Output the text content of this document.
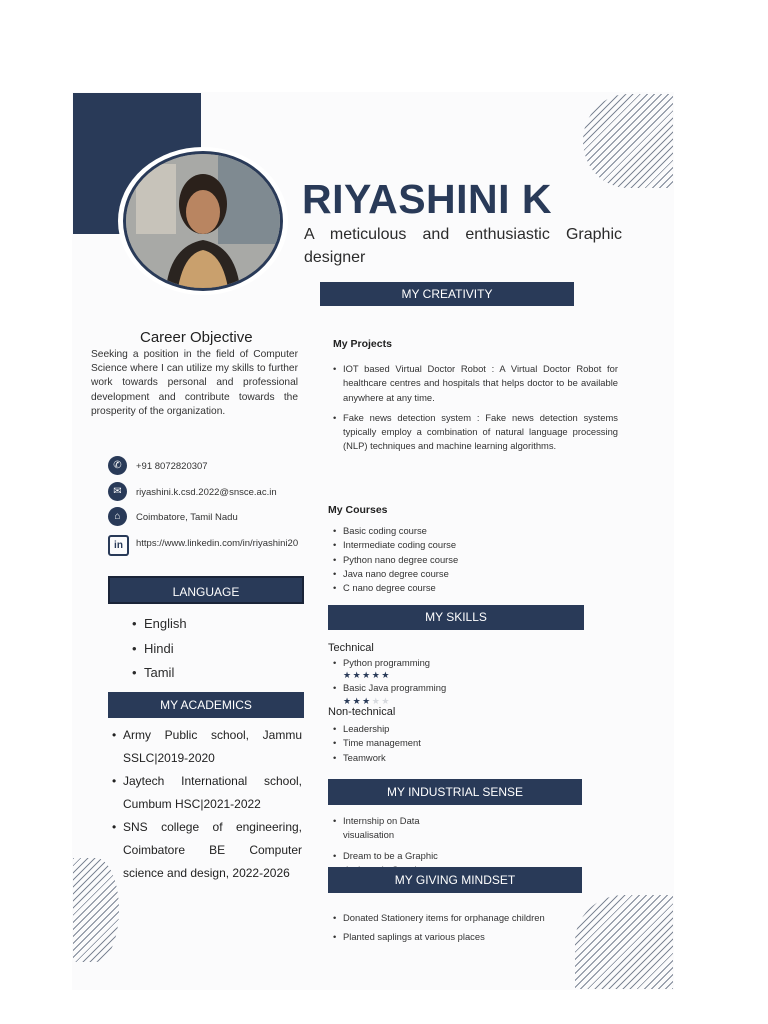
RIYASHINI K
A meticulous and enthusiastic Graphic designer
Career Objective
Seeking a position in the field of Computer Science where I can utilize my skills to further work towards personal and professional development and contribute towards the prosperity of the organization.
✆	+91 8072820307
✉	riyashini.k.csd.2022@snsce.ac.in
⌂	Coimbatore, Tamil Nadu
in	https://www.linkedin.com/in/riyashini20
LANGUAGE
• English
• Hindi
• Tamil
MY ACADEMICS
• Army Public school, Jammu SSLC|2019-2020
• Jaytech International school, Cumbum HSC|2021-2022
• SNS college of engineering, Coimbatore BE Computer science and design, 2022-2026
MY CREATIVITY
My Projects
• IOT based Virtual Doctor Robot : A Virtual Doctor Robot for healthcare centres and hospitals that helps doctor to be available anywhere at any time.
• Fake news detection system : Fake news detection systems typically employ a combination of natural language processing (NLP) techniques and machine learning algorithms.
My Courses
• Basic coding course
• Intermediate coding course
• Python nano degree course
• Java nano degree course
• C nano degree course
MY SKILLS
Technical
• Python programming
★★★★★
• Basic Java programming
★★★★★
Non-technical
• Leadership
• Time management
• Teamwork
MY INDUSTRIAL SENSE
• Internship on Data visualisation
• Dream to be a Graphic
MY GIVING MINDSET
• Donated Stationery items for orphanage children
• Planted saplings at various places
